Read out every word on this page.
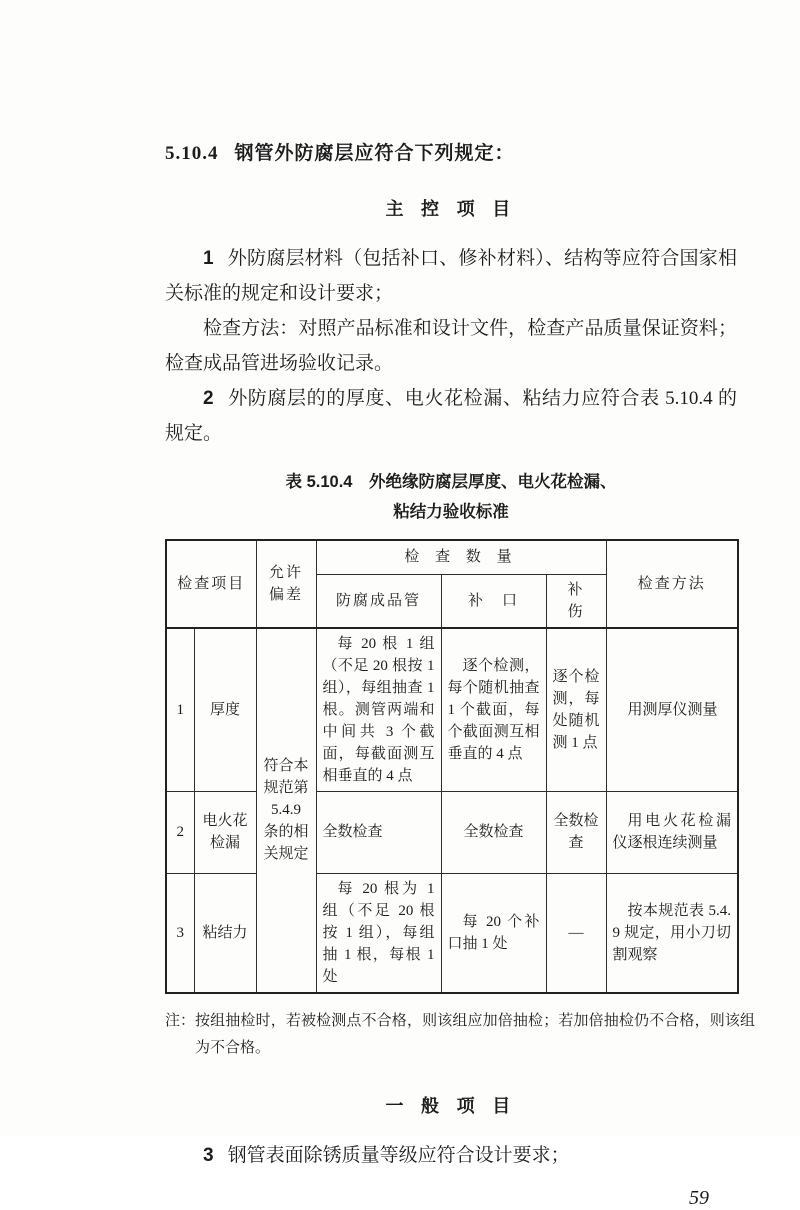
5.10.4 钢管外防腐层应符合下列规定：
主 控 项 目

1 外防腐层材料（包括补口、修补材料）、结构等应符合国家相关标准的规定和设计要求；

检查方法：对照产品标准和设计文件，检查产品质量保证资料；检查成品管进场验收记录。

2 外防腐层的的厚度、电火花检漏、粘结力应符合表 5.10.4 的规定。

表 5.10.4　外绝缘防腐层厚度、电火花检漏、
粘结力验收标准
检查项目		允许偏差	检 查 数 量			检查方法
			防腐成品管	补　口	补　伤	
1	厚度	符合本规范第 5.4.9 条的相关规定	每 20 根 1 组（不足 20 根按 1 组），每组抽查 1 根。测管两端和中间共 3 个截面，每截面测互相垂直的 4 点	逐个检测，每个随机抽查 1 个截面，每个截面测互相垂直的 4 点	逐个检测，每处随机测 1 点	用测厚仪测量
2	电火花检漏		全数检查	全数检查	全数检查	用电火花检漏仪逐根连续测量
3	粘结力		每 20 根为 1 组（不足 20 根按 1 组），每组抽 1 根，每根 1 处	每 20 个补口抽 1 处	—	按本规范表 5.4.9 规定，用小刀切割观察
注： 按组抽检时，若被检测点不合格，则该组应加倍抽检；若加倍抽检仍不合格，则该组为不合格。
一 般 项 目

3 钢管表面除锈质量等级应符合设计要求；

59
